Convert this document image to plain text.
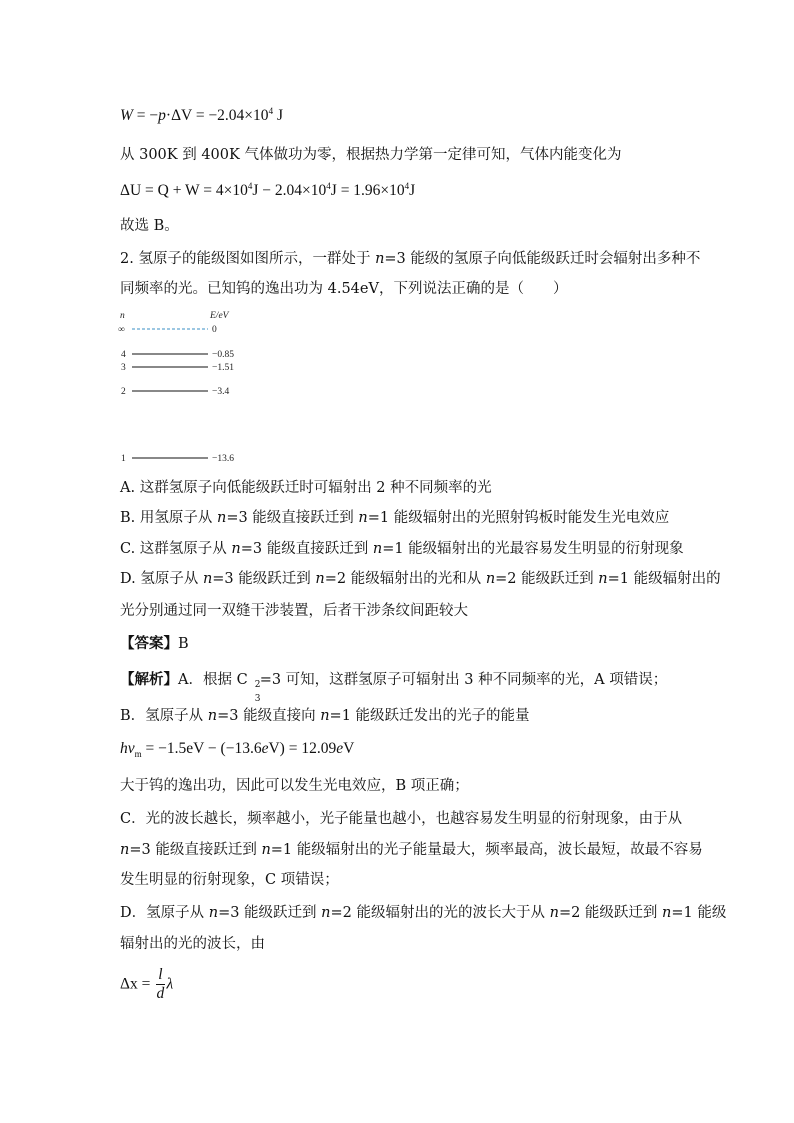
$W = -p\cdot\Delta V = -2.04\times 10^4$ J
从 300K 到 400K 气体做功为零，根据热力学第一定律可知，气体内能变化为
$\Delta U = Q + W = 4\times 10^4J - 2.04\times 10^4J = 1.96\times 10^4J$
故选 B。
2. 氢原子的能级图如图所示，一群处于 n=3 能级的氢原子向低能级跃迁时会辐射出多种不
同频率的光。已知钨的逸出功为 4.54eV，下列说法正确的是（　　）
n	E/eV
∞	0
4	−0.85
3	−1.51
2	−3.4
1	−13.6
A. 这群氢原子向低能级跃迁时可辐射出 2 种不同频率的光
B. 用氢原子从 n=3 能级直接跃迁到 n=1 能级辐射出的光照射钨板时能发生光电效应
C. 这群氢原子从 n=3 能级直接跃迁到 n=1 能级辐射出的光最容易发生明显的衍射现象
D. 氢原子从 n=3 能级跃迁到 n=2 能级辐射出的光和从 n=2 能级跃迁到 n=1 能级辐射出的
光分别通过同一双缝干涉装置，后者干涉条纹间距较大
【答案】B
【解析】A．根据 C 2
3
=3 可知，这群氢原子可辐射出 3 种不同频率的光，A 项错误；
B．氢原子从 n=3 能级直接向 n=1 能级跃迁发出的光子的能量
$h\nu_m = -1.5eV - (-13.6eV) = 12.09eV$
大于钨的逸出功，因此可以发生光电效应，B 项正确；
C．光的波长越长，频率越小，光子能量也越小，也越容易发生明显的衍射现象，由于从
n=3 能级直接跃迁到 n=1 能级辐射出的光子能量最大，频率最高，波长最短，故最不容易
发生明显的衍射现象，C 项错误；
D．氢原子从 n=3 能级跃迁到 n=2 能级辐射出的光的波长大于从 n=2 能级跃迁到 n=1 能级
辐射出的光的波长，由
$\Delta x = \frac{l}{d}$ λ
